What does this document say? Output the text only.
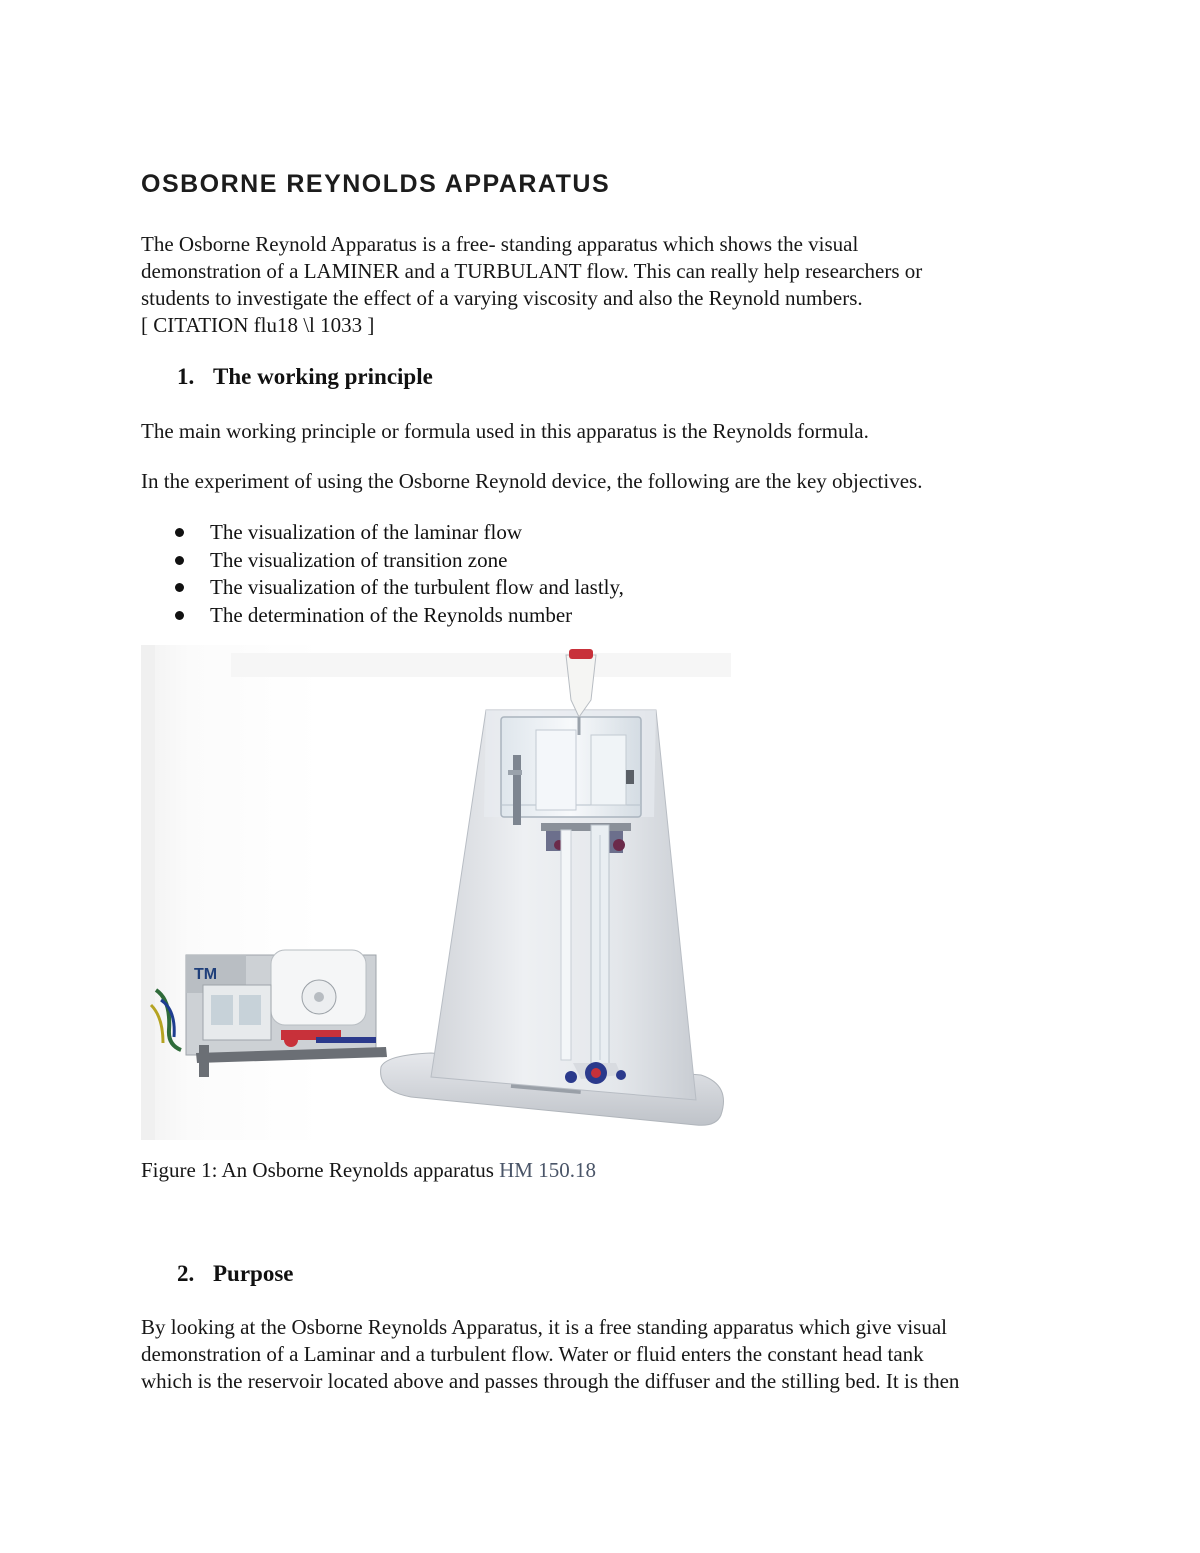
OSBORNE REYNOLDS APPARATUS

The Osborne Reynold Apparatus is a free- standing apparatus which shows the visual
demonstration of a LAMINER and a TURBULANT flow. This can really help researchers or
students to investigate the effect of a varying viscosity and also the Reynold numbers.
[ CITATION flu18 \l 1033 ]

1. The working principle

The main working principle or formula used in this apparatus is the Reynolds formula.

In the experiment of using the Osborne Reynold device, the following are the key objectives.

The visualization of the laminar flow
The visualization of transition zone
The visualization of the turbulent flow and lastly,
The determination of the Reynolds number
TM

Figure 1: An Osborne Reynolds apparatus HM 150.18

2. Purpose

By looking at the Osborne Reynolds Apparatus, it is a free standing apparatus which give visual
demonstration of a Laminar and a turbulent flow. Water or fluid enters the constant head tank
which is the reservoir located above and passes through the diffuser and the stilling bed. It is then
